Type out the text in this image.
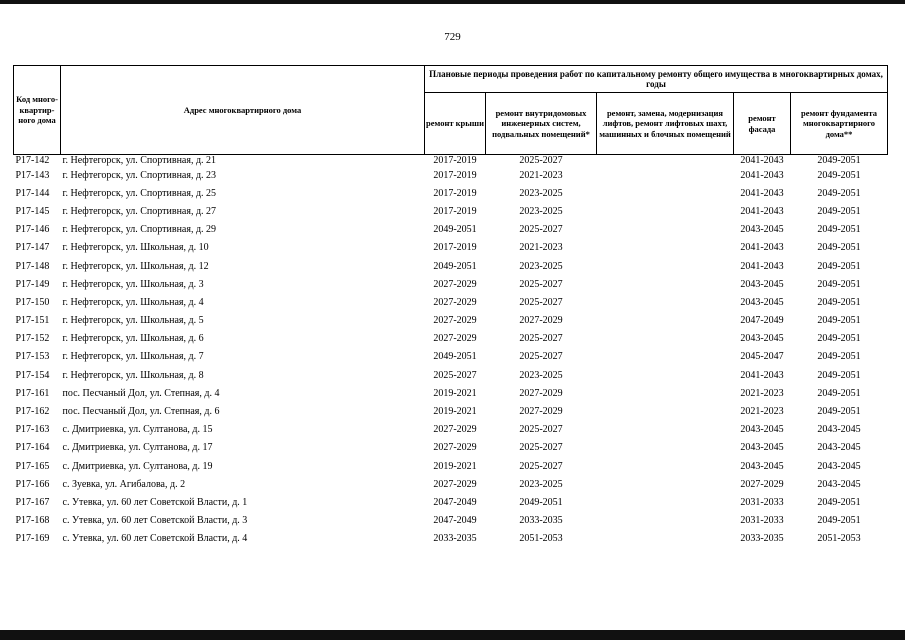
729
Код много-квартир-ного дома	Адрес многоквартирного дома	Плановые периоды проведения работ по капитальному ремонту общего имущества в многоквартирных домах, годы				
		ремонт крыши	ремонт внутридомовых инженерных систем, подвальных помещений*	ремонт, замена, модернизация лифтов, ремонт лифтовых шахт, машинных и блочных помещений	ремонт фасада	ремонт фундамента многоквартирного дома**
Р17-142	г. Нефтегорск, ул. Спортивная, д. 21	2017-2019	2025-2027		2041-2043	2049-2051
Р17-143	г. Нефтегорск, ул. Спортивная, д. 23	2017-2019	2021-2023		2041-2043	2049-2051
Р17-144	г. Нефтегорск, ул. Спортивная, д. 25	2017-2019	2023-2025		2041-2043	2049-2051
Р17-145	г. Нефтегорск, ул. Спортивная, д. 27	2017-2019	2023-2025		2041-2043	2049-2051
Р17-146	г. Нефтегорск, ул. Спортивная, д. 29	2049-2051	2025-2027		2043-2045	2049-2051
Р17-147	г. Нефтегорск, ул. Школьная, д. 10	2017-2019	2021-2023		2041-2043	2049-2051
Р17-148	г. Нефтегорск, ул. Школьная, д. 12	2049-2051	2023-2025		2041-2043	2049-2051
Р17-149	г. Нефтегорск, ул. Школьная, д. 3	2027-2029	2025-2027		2043-2045	2049-2051
Р17-150	г. Нефтегорск, ул. Школьная, д. 4	2027-2029	2025-2027		2043-2045	2049-2051
Р17-151	г. Нефтегорск, ул. Школьная, д. 5	2027-2029	2027-2029		2047-2049	2049-2051
Р17-152	г. Нефтегорск, ул. Школьная, д. 6	2027-2029	2025-2027		2043-2045	2049-2051
Р17-153	г. Нефтегорск, ул. Школьная, д. 7	2049-2051	2025-2027		2045-2047	2049-2051
Р17-154	г. Нефтегорск, ул. Школьная, д. 8	2025-2027	2023-2025		2041-2043	2049-2051
Р17-161	пос. Песчаный Дол, ул. Степная, д. 4	2019-2021	2027-2029		2021-2023	2049-2051
Р17-162	пос. Песчаный Дол, ул. Степная, д. 6	2019-2021	2027-2029		2021-2023	2049-2051
Р17-163	с. Дмитриевка, ул. Султанова, д. 15	2027-2029	2025-2027		2043-2045	2043-2045
Р17-164	с. Дмитриевка, ул. Султанова, д. 17	2027-2029	2025-2027		2043-2045	2043-2045
Р17-165	с. Дмитриевка, ул. Султанова, д. 19	2019-2021	2025-2027		2043-2045	2043-2045
Р17-166	с. Зуевка, ул. Агибалова, д. 2	2027-2029	2023-2025		2027-2029	2043-2045
Р17-167	с. Утевка, ул. 60 лет Советской Власти, д. 1	2047-2049	2049-2051		2031-2033	2049-2051
Р17-168	с. Утевка, ул. 60 лет Советской Власти, д. 3	2047-2049	2033-2035		2031-2033	2049-2051
Р17-169	с. Утевка, ул. 60 лет Советской Власти, д. 4	2033-2035	2051-2053		2033-2035	2051-2053
